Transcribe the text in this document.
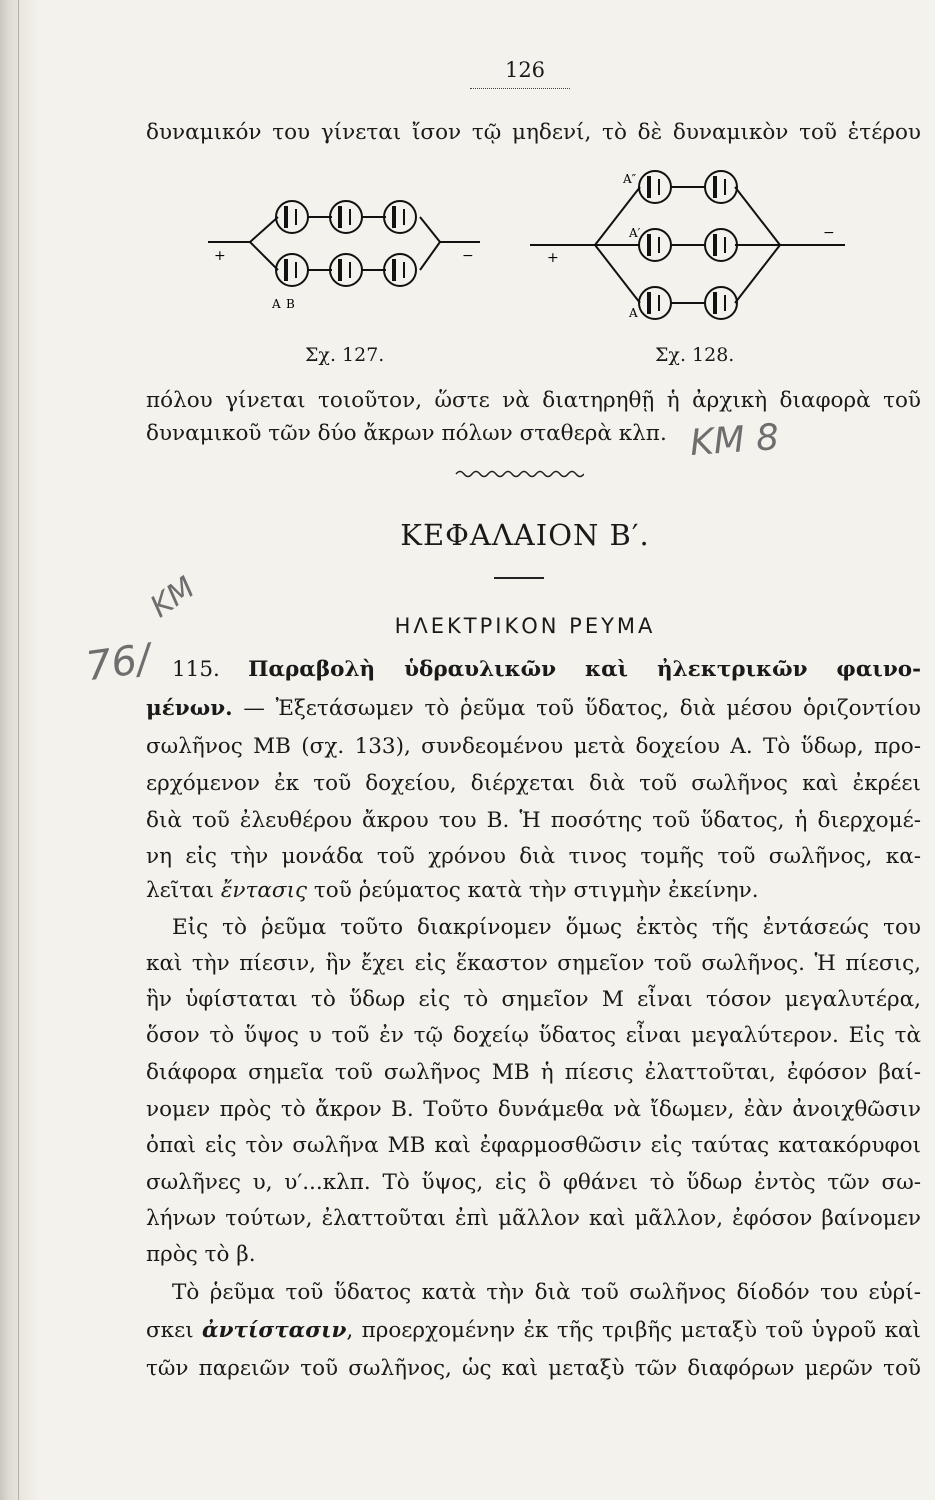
126
δυναμικόν του γίνεται ἴσον τῷ μηδενί, τὸ δὲ δυναμικὸν τοῦ ἑτέρου
+	−
A B
Σχ. 127.
+
−
A″
A′
A
Σχ. 128.
πόλου γίνεται τοιοῦτον, ὥστε νὰ διατηρηθῇ ἡ ἀρχικὴ διαφορὰ τοῦ
δυναμικοῦ τῶν δύο ἄκρων πόλων σταθερὰ κλπ. ΚΜ 8
ΚΕΦΑΛΑΙΟΝ Β′.
ΗΛΕΚΤΡΙΚΟΝ ΡΕΥΜΑ
ΚΜ
76/ 115. Παραβολὴ ὑδραυλικῶν καὶ ἠλεκτρικῶν φαινο-
μένων. — Ἐξετάσωμεν τὸ ῥεῦμα τοῦ ὕδατος, διὰ μέσου ὁριζοντίου
σωλῆνος ΜΒ (σχ. 133), συνδεομένου μετὰ δοχείου Α. Τὸ ὕδωρ, προ-
ερχόμενον ἐκ τοῦ δοχείου, διέρχεται διὰ τοῦ σωλῆνος καὶ ἐκρέει
διὰ τοῦ ἐλευθέρου ἄκρου του Β. Ἡ ποσότης τοῦ ὕδατος, ἡ διερχομέ-
νη εἰς τὴν μονάδα τοῦ χρόνου διὰ τινος τομῆς τοῦ σωλῆνος, κα-
λεῖται ἔντασις τοῦ ῥεύματος κατὰ τὴν στιγμὴν ἐκείνην.
Εἰς τὸ ῥεῦμα τοῦτο διακρίνομεν ὅμως ἐκτὸς τῆς ἐντάσεώς του
καὶ τὴν πίεσιν, ἣν ἔχει εἰς ἕκαστον σημεῖον τοῦ σωλῆνος. Ἡ πίεσις,
ἣν ὑφίσταται τὸ ὕδωρ εἰς τὸ σημεῖον Μ εἶναι τόσον μεγαλυτέρα,
ὅσον τὸ ὕψος υ τοῦ ἐν τῷ δοχείῳ ὕδατος εἶναι μεγαλύτερον. Εἰς τὰ
διάφορα σημεῖα τοῦ σωλῆνος ΜΒ ἡ πίεσις ἐλαττοῦται, ἐφόσον βαί-
νομεν πρὸς τὸ ἄκρον Β. Τοῦτο δυνάμεθα νὰ ἴδωμεν, ἐὰν ἀνοιχθῶσιν
ὀπαὶ εἰς τὸν σωλῆνα ΜΒ καὶ ἐφαρμοσθῶσιν εἰς ταύτας κατακόρυφοι
σωλῆνες υ, υ′...κλπ. Τὸ ὕψος, εἰς ὃ φθάνει τὸ ὕδωρ ἐντὸς τῶν σω-
λήνων τούτων, ἐλαττοῦται ἐπὶ μᾶλλον καὶ μᾶλλον, ἐφόσον βαίνομεν
πρὸς τὸ β.
Τὸ ῥεῦμα τοῦ ὕδατος κατὰ τὴν διὰ τοῦ σωλῆνος δίοδόν του εὑρί-
σκει ἀντίστασιν, προερχομένην ἐκ τῆς τριβῆς μεταξὺ τοῦ ὑγροῦ καὶ
τῶν παρειῶν τοῦ σωλῆνος, ὡς καὶ μεταξὺ τῶν διαφόρων μερῶν τοῦ
